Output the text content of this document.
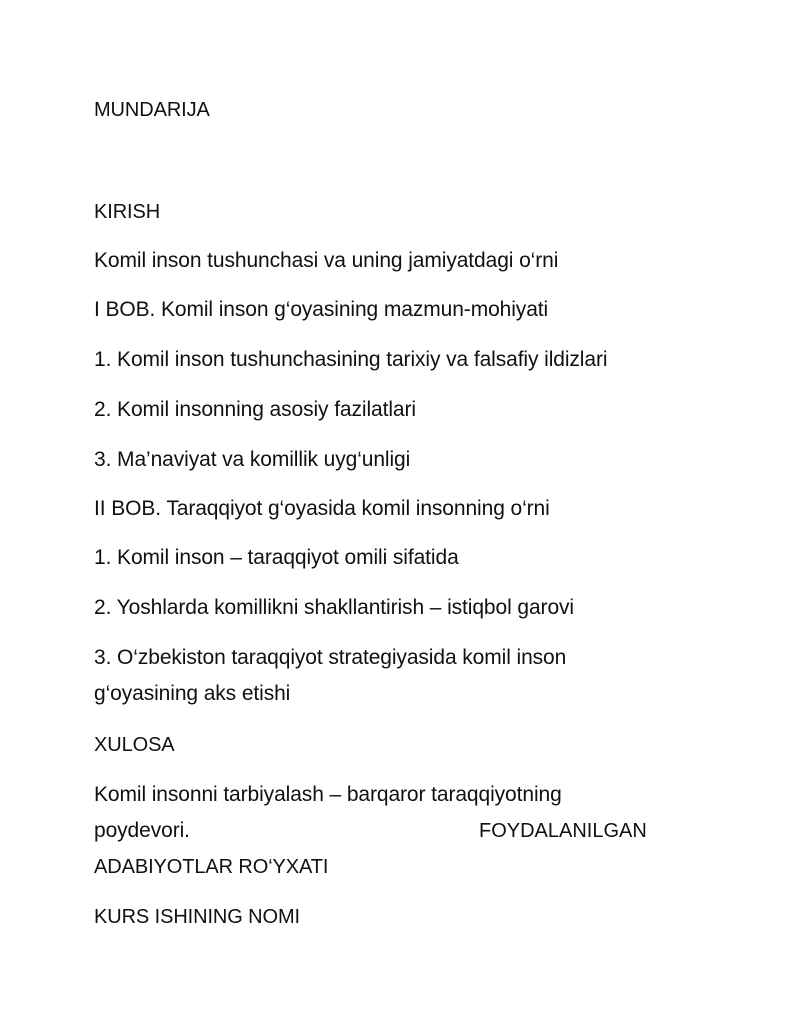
MUNDARIJA
KIRISH
Komil inson tushunchasi va uning jamiyatdagi o‘rni
I BOB. Komil inson g‘oyasining mazmun-mohiyati
1. Komil inson tushunchasining tarixiy va falsafiy ildizlari
2. Komil insonning asosiy fazilatlari
3. Ma’naviyat va komillik uyg‘unligi
II BOB. Taraqqiyot g‘oyasida komil insonning o‘rni
1. Komil inson – taraqqiyot omili sifatida
2. Yoshlarda komillikni shakllantirish – istiqbol garovi
3. O‘zbekiston taraqqiyot strategiyasida komil inson
g‘oyasining aks etishi
XULOSA
Komil insonni tarbiyalash – barqaror taraqqiyotning
poydevori.	FOYDALANILGAN
ADABIYOTLAR RO‘YXATI
KURS ISHINING NOMI
